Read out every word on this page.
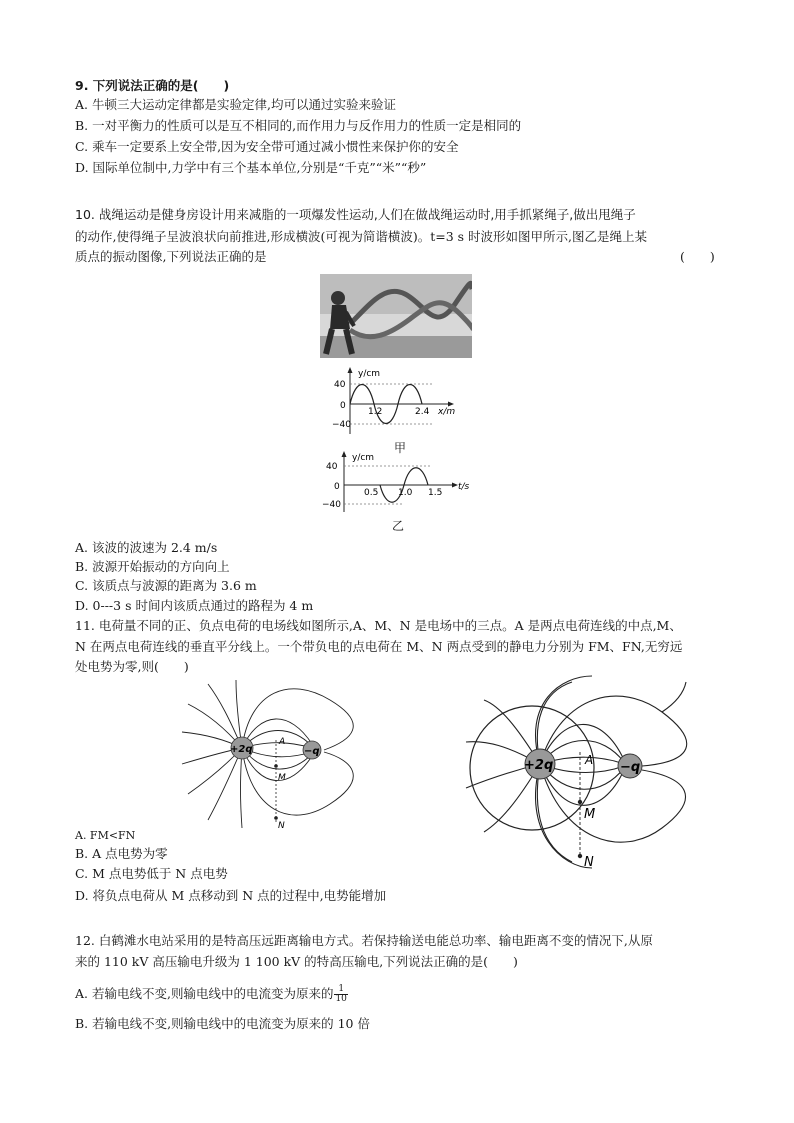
9. 下列说法正确的是(　　)
A. 牛顿三大运动定律都是实验定律,均可以通过实验来验证
B. 一对平衡力的性质可以是互不相同的,而作用力与反作用力的性质一定是相同的
C. 乘车一定要系上安全带,因为安全带可通过减小惯性来保护你的安全
D. 国际单位制中,力学中有三个基本单位,分别是“千克”“米”“秒”
10. 战绳运动是健身房设计用来减脂的一项爆发性运动,人们在做战绳运动时,用手抓紧绳子,做出甩绳子
的动作,使得绳子呈波浪状向前推进,形成横波(可视为简谐横波)。t=3 s 时波形如图甲所示,图乙是绳上某
质点的振动图像,下列说法正确的是	(　　)
y/cm
40
0
−40
1.2	2.4 x/m
甲
y/cm
40
0
−40
0.5 1.0 1.5
t/s
乙
A. 该波的波速为 2.4 m/s
B. 波源开始振动的方向向上
C. 该质点与波源的距离为 3.6 m
D. 0---3 s 时间内该质点通过的路程为 4 m
11. 电荷量不同的正、负点电荷的电场线如图所示,A、M、N 是电场中的三点。A 是两点电荷连线的中点,M、
N 在两点电荷连线的垂直平分线上。一个带负电的点电荷在 M、N 两点受到的静电力分别为 FM、FN,无穷远
处电势为零,则(　　)
+2q	−q
A
M
N
+2q	−q
A
M
N
A. FM<FN
B. A 点电势为零
C. M 点电势低于 N 点电势
D. 将负点电荷从 M 点移动到 N 点的过程中,电势能增加
12. 白鹤滩水电站采用的是特高压远距离输电方式。若保持输送电能总功率、输电距离不变的情况下,从原
来的 110 kV 高压输电升级为 1 100 kV 的特高压输电,下列说法正确的是(　　)
A. 若输电线不变,则输电线中的电流变为原来的 $\frac{1}{10}$
B. 若输电线不变,则输电线中的电流变为原来的 10 倍
